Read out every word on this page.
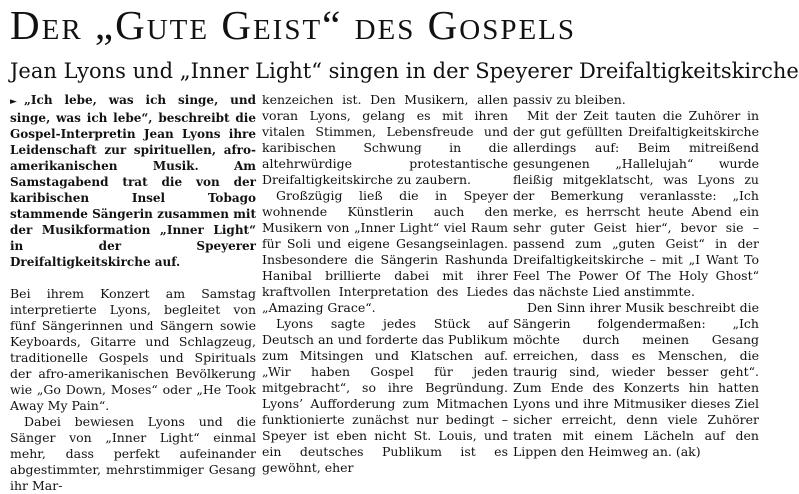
Der „Gute Geist“ des Gospels
Jean Lyons und „Inner Light“ singen in der Speyerer Dreifaltigkeitskirche

► „Ich lebe, was ich singe, und singe, was ich lebe“, beschreibt die Gospel-Interpretin Jean Lyons ihre Leidenschaft zur spirituellen, afro-amerikanischen Musik. Am Samstagabend trat die von der karibischen Insel Tobago stammende Sängerin zusammen mit der Musikformation „Inner Light“ in der Speyerer Dreifaltigkeitskirche auf.

Bei ihrem Konzert am Samstag interpretierte Lyons, begleitet von fünf Sängerinnen und Sängern sowie Keyboards, Gitarre und Schlagzeug, traditionelle Gospels und Spirituals der afro-amerikanischen Bevölkerung wie „Go Down, Moses“ oder „He Took Away My Pain“.

Dabei bewiesen Lyons und die Sänger von „Inner Light“ einmal mehr, dass perfekt aufeinander abgestimmter, mehrstimmiger Gesang ihr Mar-

kenzeichen ist. Den Musikern, allen voran Lyons, gelang es mit ihren vitalen Stimmen, Lebensfreude und karibischen Schwung in die altehrwürdige protestantische Dreifaltigkeitskirche zu zaubern.

Großzügig ließ die in Speyer wohnende Künstlerin auch den Musikern von „Inner Light“ viel Raum für Soli und eigene Gesangseinlagen. Insbesondere die Sängerin Rashunda Hanibal brillierte dabei mit ihrer kraftvollen Interpretation des Liedes „Amazing Grace“.

Lyons sagte jedes Stück auf Deutsch an und forderte das Publikum zum Mitsingen und Klatschen auf. „Wir haben Gospel für jeden mitgebracht“, so ihre Begründung. Lyons’ Aufforderung zum Mitmachen funktionierte zunächst nur bedingt – Speyer ist eben nicht St. Louis, und ein deutsches Publikum ist es gewöhnt, eher

passiv zu bleiben.

Mit der Zeit tauten die Zuhörer in der gut gefüllten Dreifaltigkeitskirche allerdings auf: Beim mitreißend gesungenen „Hallelujah“ wurde fleißig mitgeklatscht, was Lyons zu der Bemerkung veranlasste: „Ich merke, es herrscht heute Abend ein sehr guter Geist hier“, bevor sie – passend zum „guten Geist“ in der Dreifaltigkeitskirche – mit „I Want To Feel The Power Of The Holy Ghost“ das nächste Lied anstimmte.

Den Sinn ihrer Musik beschreibt die Sängerin folgendermaßen: „Ich möchte durch meinen Gesang erreichen, dass es Menschen, die traurig sind, wieder besser geht“. Zum Ende des Konzerts hin hatten Lyons und ihre Mitmusiker dieses Ziel sicher erreicht, denn viele Zuhörer traten mit einem Lächeln auf den Lippen den Heimweg an. (ak)
